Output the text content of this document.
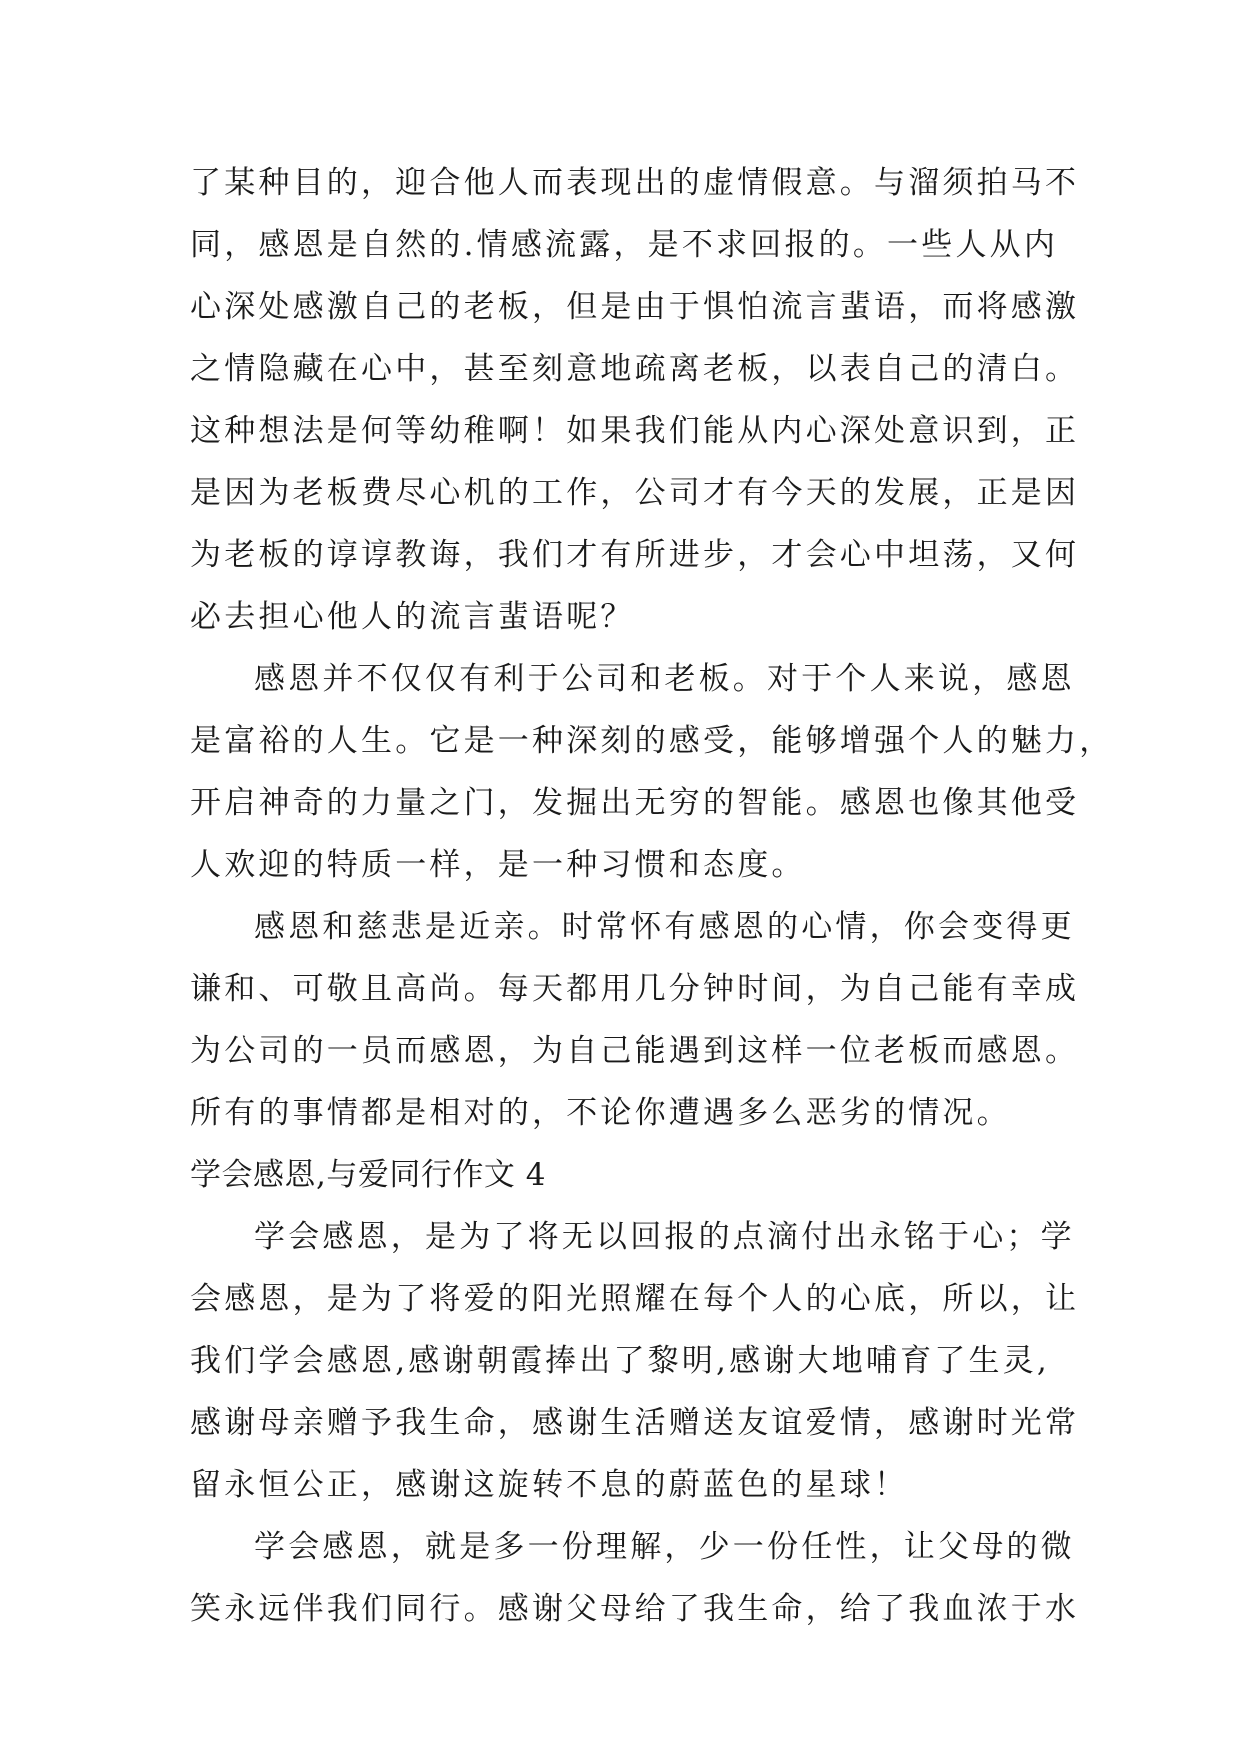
了某种目的，迎合他人而表现出的虚情假意。与溜须拍马不
同，感恩是自然的.情感流露，是不求回报的。一些人从内
心深处感激自己的老板，但是由于惧怕流言蜚语，而将感激
之情隐藏在心中，甚至刻意地疏离老板，以表自己的清白。
这种想法是何等幼稚啊！如果我们能从内心深处意识到，正
是因为老板费尽心机的工作，公司才有今天的发展，正是因
为老板的谆谆教诲，我们才有所进步，才会心中坦荡，又何
必去担心他人的流言蜚语呢？
感恩并不仅仅有利于公司和老板。对于个人来说，感恩
是富裕的人生。它是一种深刻的感受，能够增强个人的魅力，
开启神奇的力量之门，发掘出无穷的智能。感恩也像其他受
人欢迎的特质一样，是一种习惯和态度。
感恩和慈悲是近亲。时常怀有感恩的心情，你会变得更
谦和、可敬且高尚。每天都用几分钟时间，为自己能有幸成
为公司的一员而感恩，为自己能遇到这样一位老板而感恩。
所有的事情都是相对的，不论你遭遇多么恶劣的情况。
学会感恩,与爱同行作文 4
学会感恩，是为了将无以回报的点滴付出永铭于心；学
会感恩，是为了将爱的阳光照耀在每个人的心底，所以，让
我们学会感恩,感谢朝霞捧出了黎明,感谢大地哺育了生灵,
感谢母亲赠予我生命，感谢生活赠送友谊爱情，感谢时光常
留永恒公正，感谢这旋转不息的蔚蓝色的星球！
学会感恩，就是多一份理解，少一份任性，让父母的微
笑永远伴我们同行。感谢父母给了我生命，给了我血浓于水
